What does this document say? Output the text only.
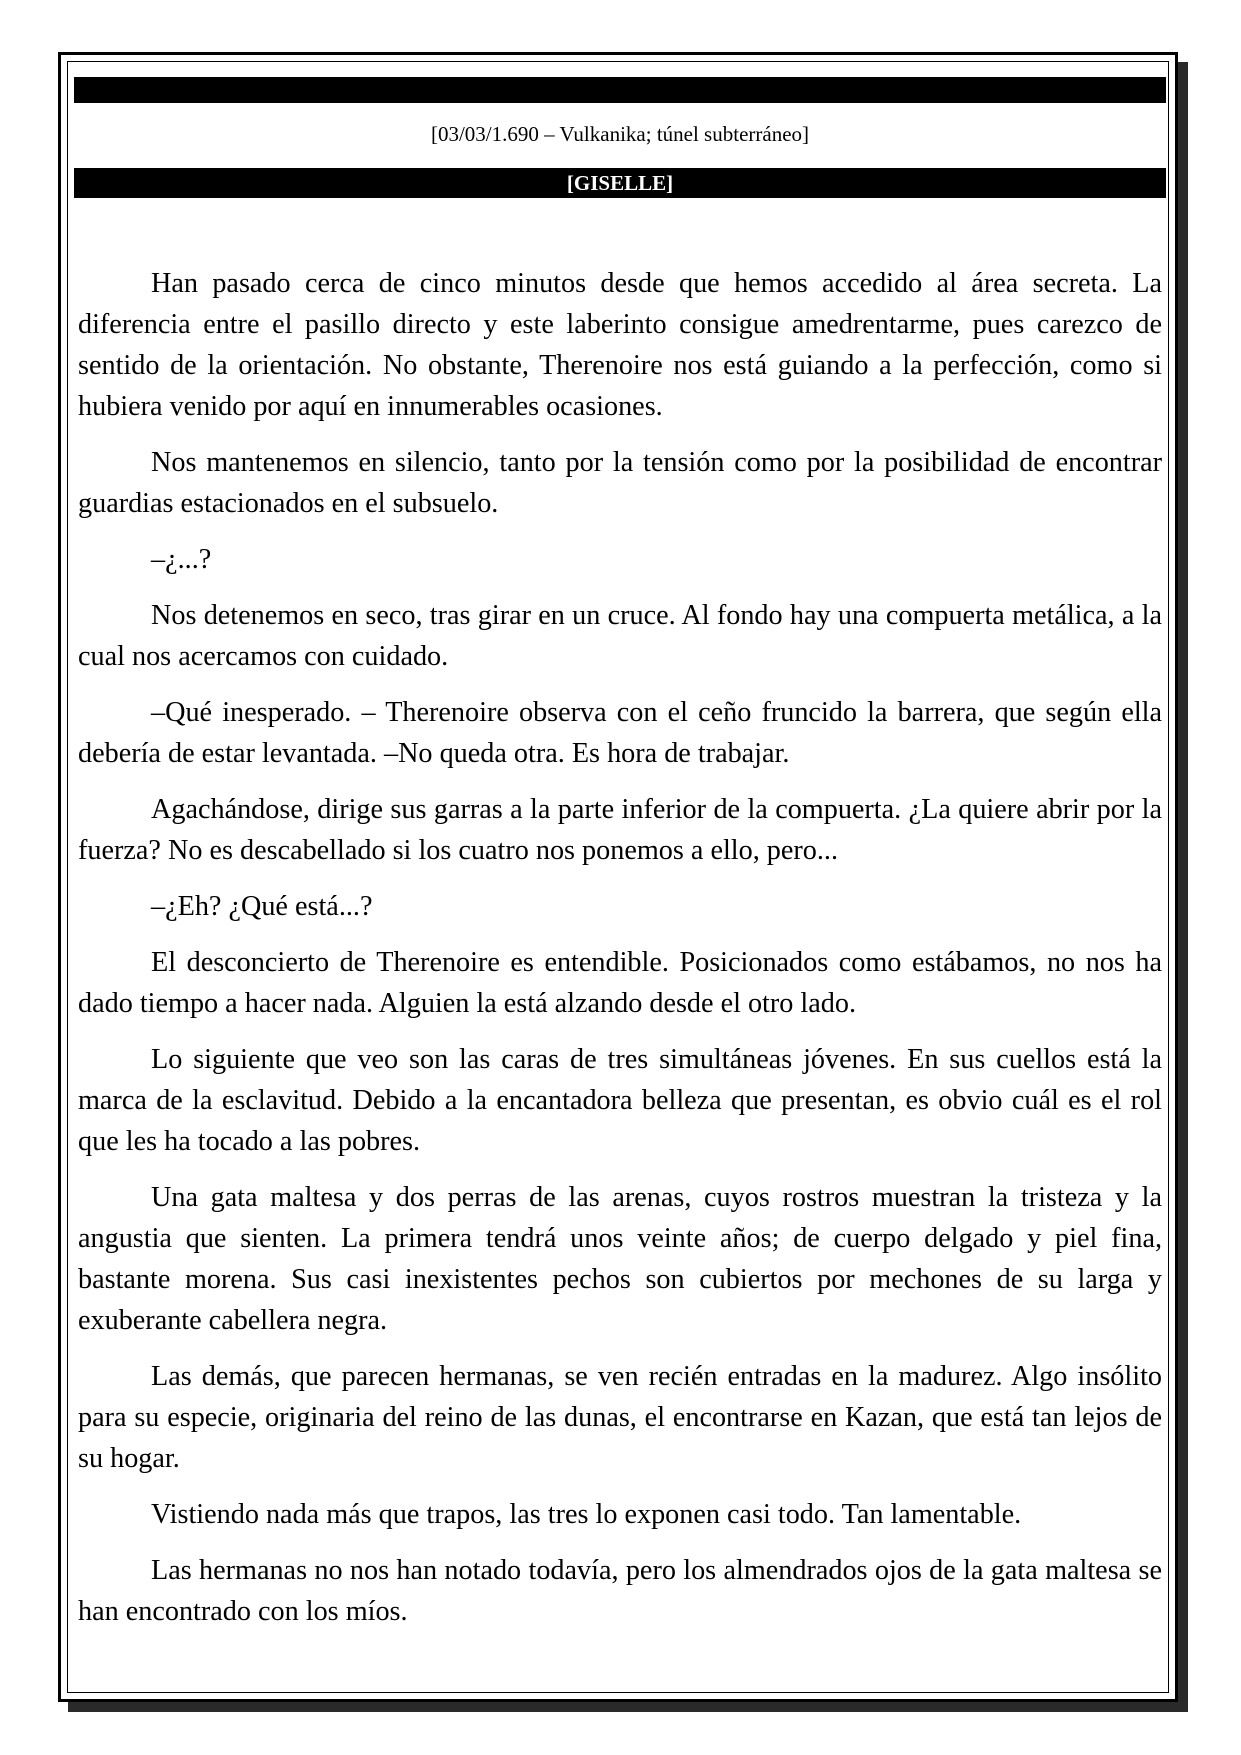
[03/03/1.690 – Vulkanika; túnel subterráneo]
[GISELLE]

Han pasado cerca de cinco minutos desde que hemos accedido al área secreta. La diferencia entre el pasillo directo y este laberinto consigue amedrentarme, pues carezco de sentido de la orientación. No obstante, Therenoire nos está guiando a la perfección, como si hubiera venido por aquí en innumerables ocasiones.

Nos mantenemos en silencio, tanto por la tensión como por la posibilidad de encontrar guardias estacionados en el subsuelo.

–¿...?

Nos detenemos en seco, tras girar en un cruce. Al fondo hay una compuerta metálica, a la cual nos acercamos con cuidado.

–Qué inesperado. – Therenoire observa con el ceño fruncido la barrera, que según ella debería de estar levantada. –No queda otra. Es hora de trabajar.

Agachándose, dirige sus garras a la parte inferior de la compuerta. ¿La quiere abrir por la fuerza? No es descabellado si los cuatro nos ponemos a ello, pero...

–¿Eh? ¿Qué está...?

El desconcierto de Therenoire es entendible. Posicionados como estábamos, no nos ha dado tiempo a hacer nada. Alguien la está alzando desde el otro lado.

Lo siguiente que veo son las caras de tres simultáneas jóvenes. En sus cuellos está la marca de la esclavitud. Debido a la encantadora belleza que presentan, es obvio cuál es el rol que les ha tocado a las pobres.

Una gata maltesa y dos perras de las arenas, cuyos rostros muestran la tristeza y la angustia que sienten. La primera tendrá unos veinte años; de cuerpo delgado y piel fina, bastante morena. Sus casi inexistentes pechos son cubiertos por mechones de su larga y exuberante cabellera negra.

Las demás, que parecen hermanas, se ven recién entradas en la madurez. Algo insólito para su especie, originaria del reino de las dunas, el encontrarse en Kazan, que está tan lejos de su hogar.

Vistiendo nada más que trapos, las tres lo exponen casi todo. Tan lamentable.

Las hermanas no nos han notado todavía, pero los almendrados ojos de la gata maltesa se han encontrado con los míos.
